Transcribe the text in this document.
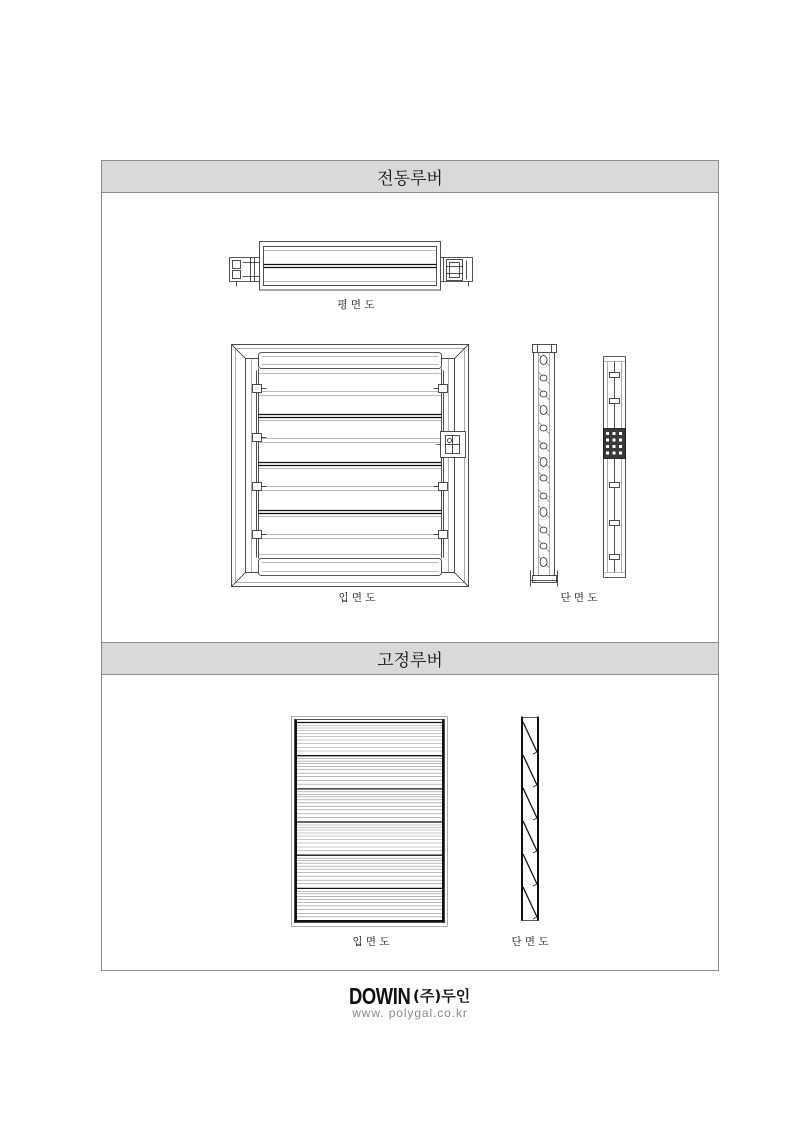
전동루버
평 면 도
입 면 도	단 면 도
고정루버
입 면 도	단 면 도
DOWIN (주)두인
www. polygal.co.kr
